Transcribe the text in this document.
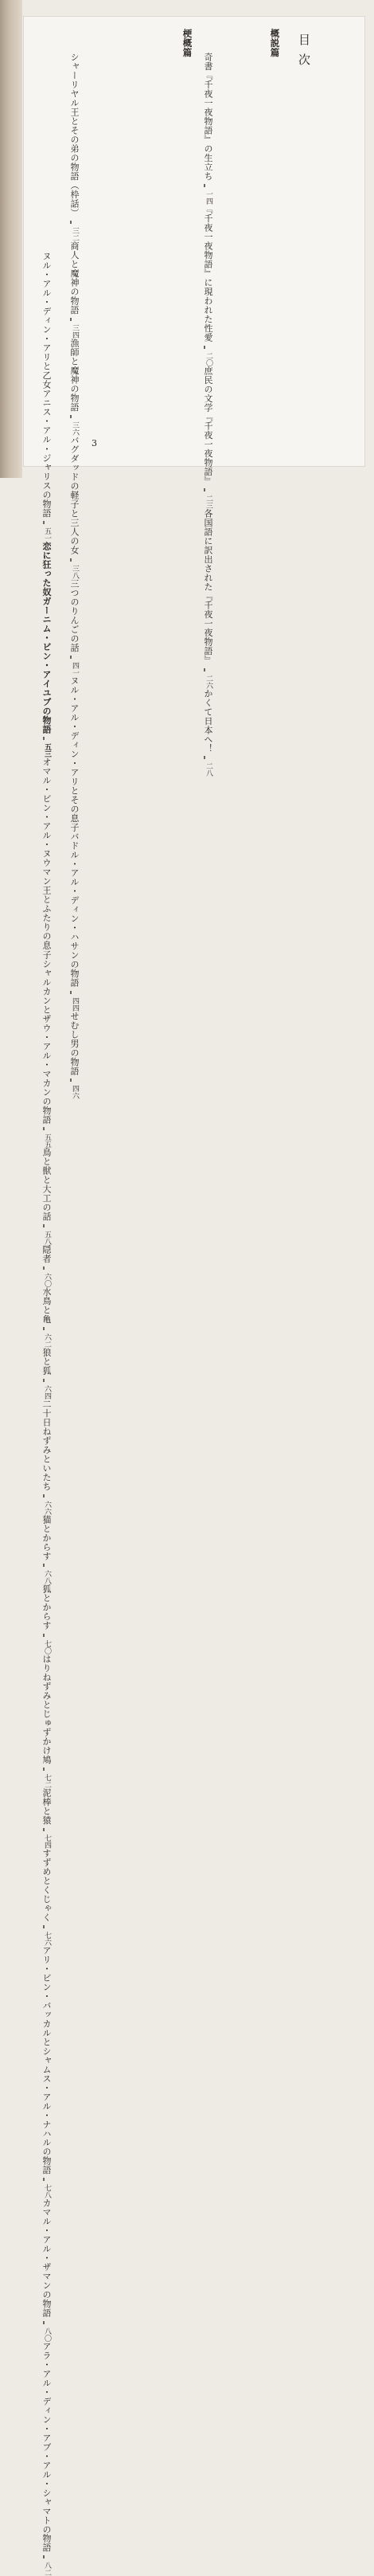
目次
概説篇
奇書『千夜一夜物語』の生立ち
一四
『千夜一夜物語』に現われた性愛
二〇
庶民の文学『千夜一夜物語』
二三
各国語に訳出された『千夜一夜物語』
二六
かくて日本へ！
二八
梗概篇
シャーリヤル王とその弟の物語（枠話）
三二
商人と魔神の物語
三四
漁師と魔神の物語
三六
バグダッドの軽子と三人の女
三八
三つのりんごの話
四一
ヌル・アル・ディン・アリとその息子バドル・
アル・ディン・ハサンの物語
四四
せむし男の物語
四六
ヌル・アル・ディン・アリと乙女アニス・アル
・ジャリスの物語
五一
恋に狂った奴ガーニム・ビン・アイユブの物語
五三
オマル・ビン・アル・ヌウマン王とふたりの息
子シャルカンとザウ・アル・マカンの物語
五五
鳥と獣と大工の話
五八
隠者
六〇
水鳥と亀
六二
狼と狐
六四
二十日ねずみといたち
六六
猫とからす
六八
狐とからす
七〇
はりねずみとじゅずかけ鳩
七二
泥棒と猿
七四
すずめとくじゃく
七六
アリ・ビン・バッカルとシャムス・アル・ナハ
ルの物語
七八
カマル・アル・ザマンの物語
八〇
アラ・アル・ディン・アブ・アル・シャマトの
物語
八二
3
